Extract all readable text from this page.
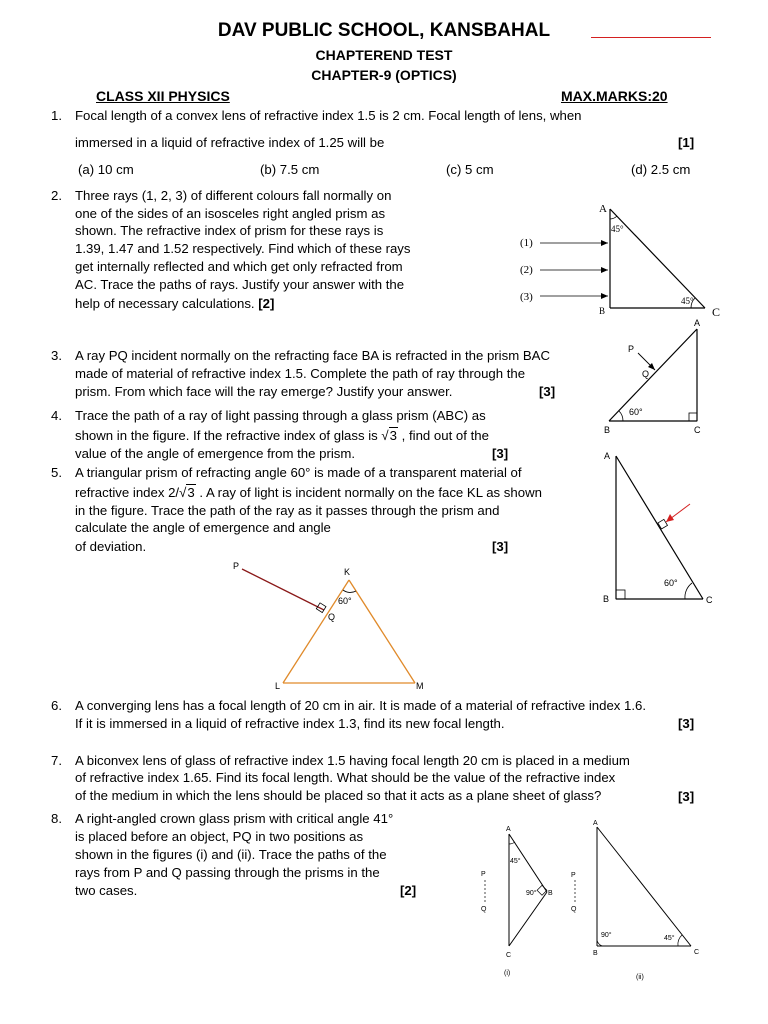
DAV PUBLIC SCHOOL, KANSBAHAL
CHAPTEREND TEST
CHAPTER-9 (OPTICS)
CLASS XII PHYSICS	MAX.MARKS:20
1. Focal length of a convex lens of refractive index 1.5 is 2 cm. Focal length of lens, when
immersed in a liquid of refractive index of 1.25 will be	[1]
(a) 10 cm	(b) 7.5 cm	(c) 5 cm	(d) 2.5 cm
2. Three rays (1, 2, 3) of different colours fall normally on
one of the sides of an isosceles right angled prism as
shown. The refractive index of prism for these rays is
1.39, 1.47 and 1.52 respectively. Find which of these rays
get internally reflected and which get only refracted from
AC. Trace the paths of rays. Justify your answer with the
help of necessary calculations. [2]
A
B	C
45°
45°
(1)
(2)
(3)
3. A ray PQ incident normally on the refracting face BA is refracted in the prism BAC
made of material of refractive index 1.5. Complete the path of ray through the
prism. From which face will the ray emerge? Justify your answer.	[3]
A
B	C
P
Q
60°
4. Trace the path of a ray of light passing through a glass prism (ABC) as
shown in the figure. If the refractive index of glass is √3 , find out of the
value of the angle of emergence from the prism.	[3]	A
B	C
60°
5. A triangular prism of refracting angle 60° is made of a transparent material of
refractive index 2/√3 . A ray of light is incident normally on the face KL as shown
in the figure. Trace the path of the ray as it passes through the prism and
calculate the angle of emergence and angle
of deviation.	[3]
P
Q
K
L	M
60°
6. A converging lens has a focal length of 20 cm in air. It is made of a material of refractive index 1.6.
If it is immersed in a liquid of refractive index 1.3, find its new focal length.	[3]
7. A biconvex lens of glass of refractive index 1.5 having focal length 20 cm is placed in a medium
of refractive index 1.65. Find its focal length. What should be the value of the refractive index
of the medium in which the lens should be placed so that it acts as a plane sheet of glass?	[3]
8. A right-angled crown glass prism with critical angle 41°
is placed before an object, PQ in two positions as
shown in the figures (i) and (ii). Trace the paths of the
rays from P and Q passing through the prisms in the
two cases.	[2]
A
B
C
45°
90°
P
Q
(i)
A
B	C
90°	45°
P
Q
(ii)
